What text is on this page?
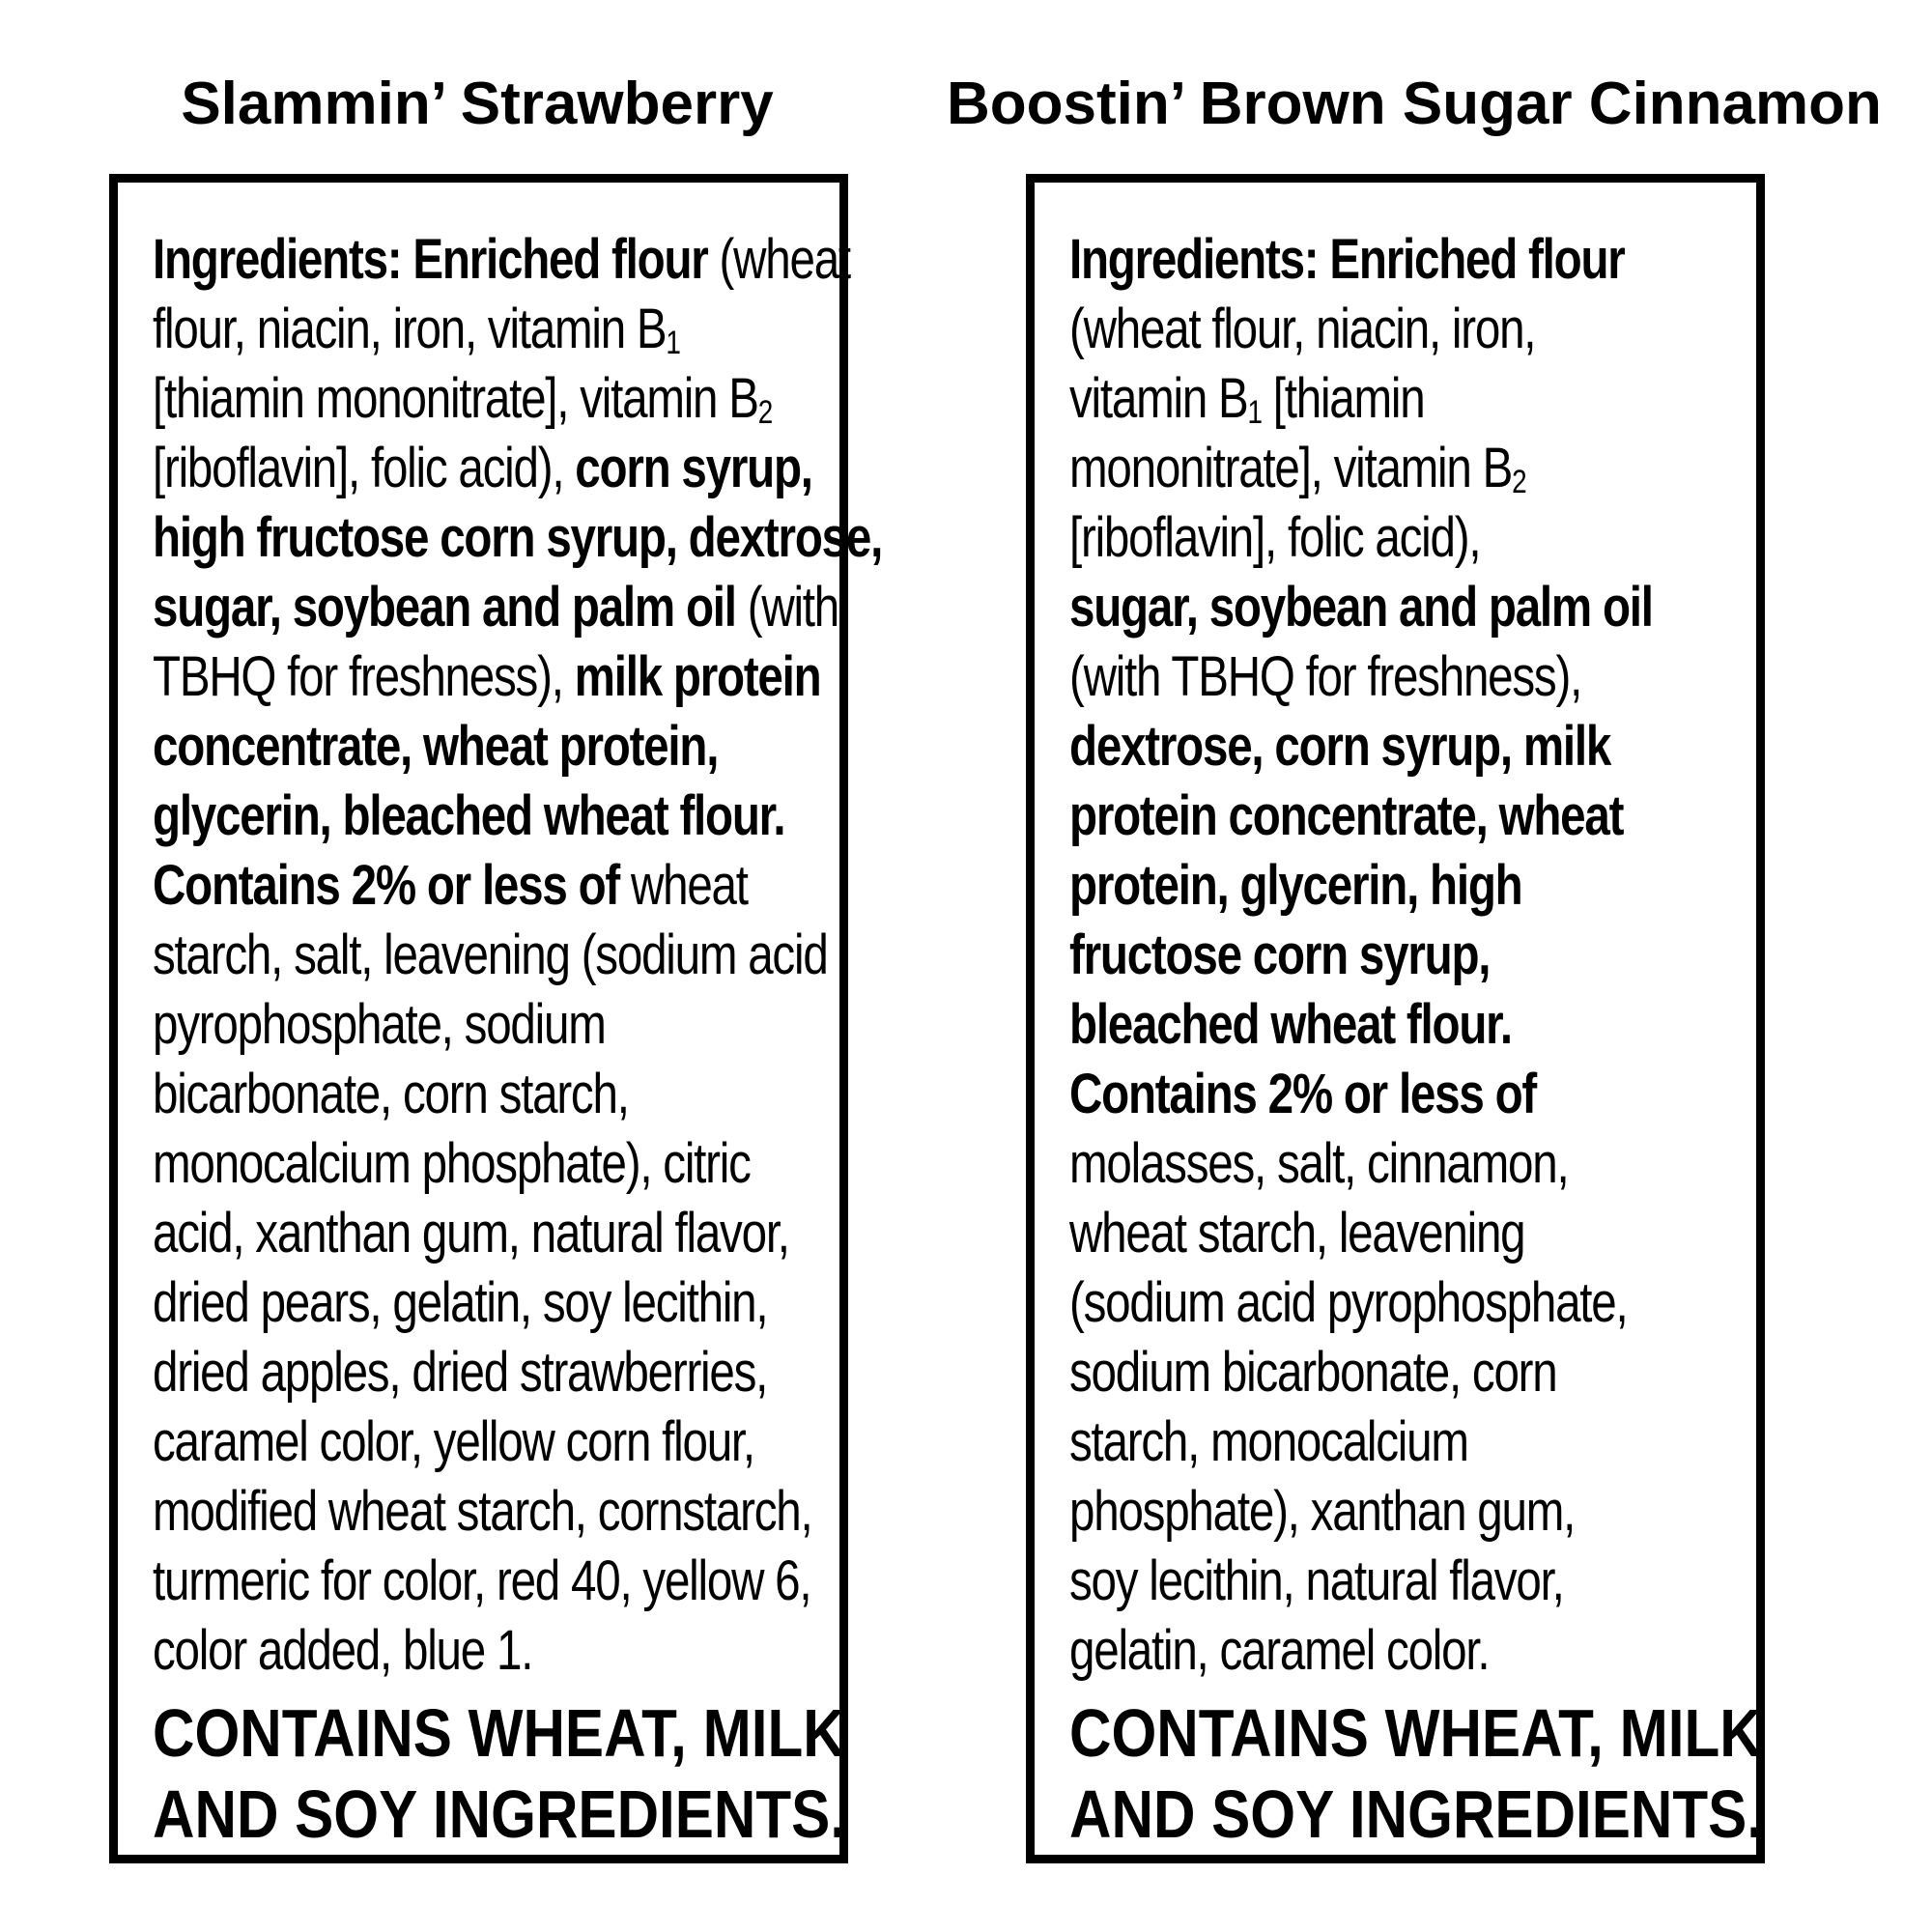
Slammin’ Strawberry	Boostin’ Brown Sugar Cinnamon
Ingredients: Enriched flour (wheat
flour, niacin, iron, vitamin $B_1$
[thiamin mononitrate], vitamin $B_2$
[riboflavin], folic acid), corn syrup,
high fructose corn syrup, dextrose,
sugar, soybean and palm oil (with
TBHQ for freshness), milk protein
concentrate, wheat protein,
glycerin, bleached wheat flour.
Contains 2% or less of wheat
starch, salt, leavening (sodium acid
pyrophosphate, sodium
bicarbonate, corn starch,
monocalcium phosphate), citric
acid, xanthan gum, natural flavor,
dried pears, gelatin, soy lecithin,
dried apples, dried strawberries,
caramel color, yellow corn flour,
modified wheat starch, cornstarch,
turmeric for color, red 40, yellow 6,
color added, blue 1.
CONTAINS WHEAT, MILK
AND SOY INGREDIENTS.
Ingredients: Enriched flour
(wheat flour, niacin, iron,
vitamin $B_1$ [thiamin
mononitrate], vitamin $B_2$
[riboflavin], folic acid),
sugar, soybean and palm oil
(with TBHQ for freshness),
dextrose, corn syrup, milk
protein concentrate, wheat
protein, glycerin, high
fructose corn syrup,
bleached wheat flour.
Contains 2% or less of
molasses, salt, cinnamon,
wheat starch, leavening
(sodium acid pyrophosphate,
sodium bicarbonate, corn
starch, monocalcium
phosphate), xanthan gum,
soy lecithin, natural flavor,
gelatin, caramel color.
CONTAINS WHEAT, MILK
AND SOY INGREDIENTS.
